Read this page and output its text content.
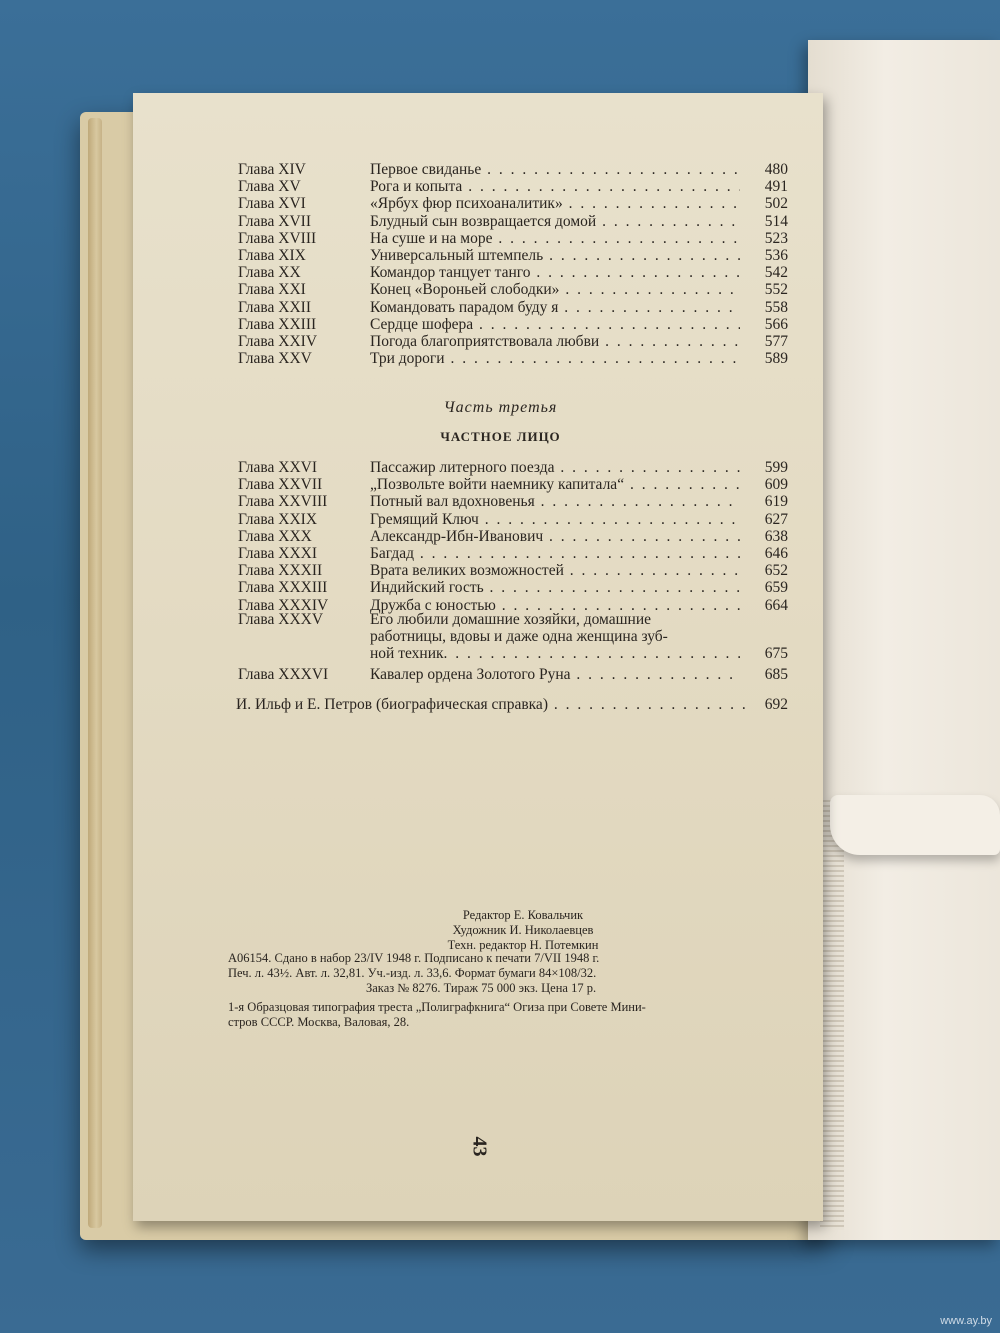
Глава XIV	Первое свиданье . . .	480
Глава XV	Рога и копыта . . .	491
Глава XVI	«Ярбух фюр психоаналитик» . . .	502
Глава XVII	Блудный сын возвращается домой . . .	514
Глава XVIII	На суше и на море . . .	523
Глава XIX	Универсальный штемпель . . .	536
Глава XX	Командор танцует танго . . .	542
Глава XXI	Конец «Вороньей слободки» . . .	552
Глава XXII	Командовать парадом буду я . . .	558
Глава XXIII	Сердце шофера . . .	566
Глава XXIV	Погода благоприятствовала любви . . .	577
Глава XXV	Три дороги . . .	589
Часть третья
ЧАСТНОЕ ЛИЦО
Глава XXVI	Пассажир литерного поезда . . .	599
Глава XXVII	„Позвольте войти наемнику капитала“ . . .	609
Глава XXVIII	Потный вал вдохновенья . . .	619
Глава XXIX	Гремящий Ключ . . .	627
Глава XXX	Александр-Ибн-Иванович . . .	638
Глава XXXI	Багдад . . .	646
Глава XXXII	Врата великих возможностей . . .	652
Глава XXXIII	Индийский гость . . .	659
Глава XXXIV	Дружба с юностью . . .	664
Глава XXXV	Его любили домашние хозяйки, домашние
работницы, вдовы и даже одна женщина зуб-
ной техник . . .	675
Глава XXXVI	Кавалер ордена Золотого Руна . . .	685
И. Ильф и Е. Петров (биографическая справка) . . .	692
Редактор Е. Ковальчик
Художник И. Николаевцев
Техн. редактор Н. Потемкин
А06154. Сдано в набор 23/IV 1948 г. Подписано к печати 7/VII 1948 г.
Печ. л. 43½. Авт. л. 32,81. Уч.-изд. л. 33,6. Формат бумаги 84×108/32.
Заказ № 8276. Тираж 75 000 экз. Цена 17 р.
1-я Образцовая типография треста „Полиграфкнига“ Огиза при Совете Мини-
стров СССР. Москва, Валовая, 28.
43
www.ay.by
